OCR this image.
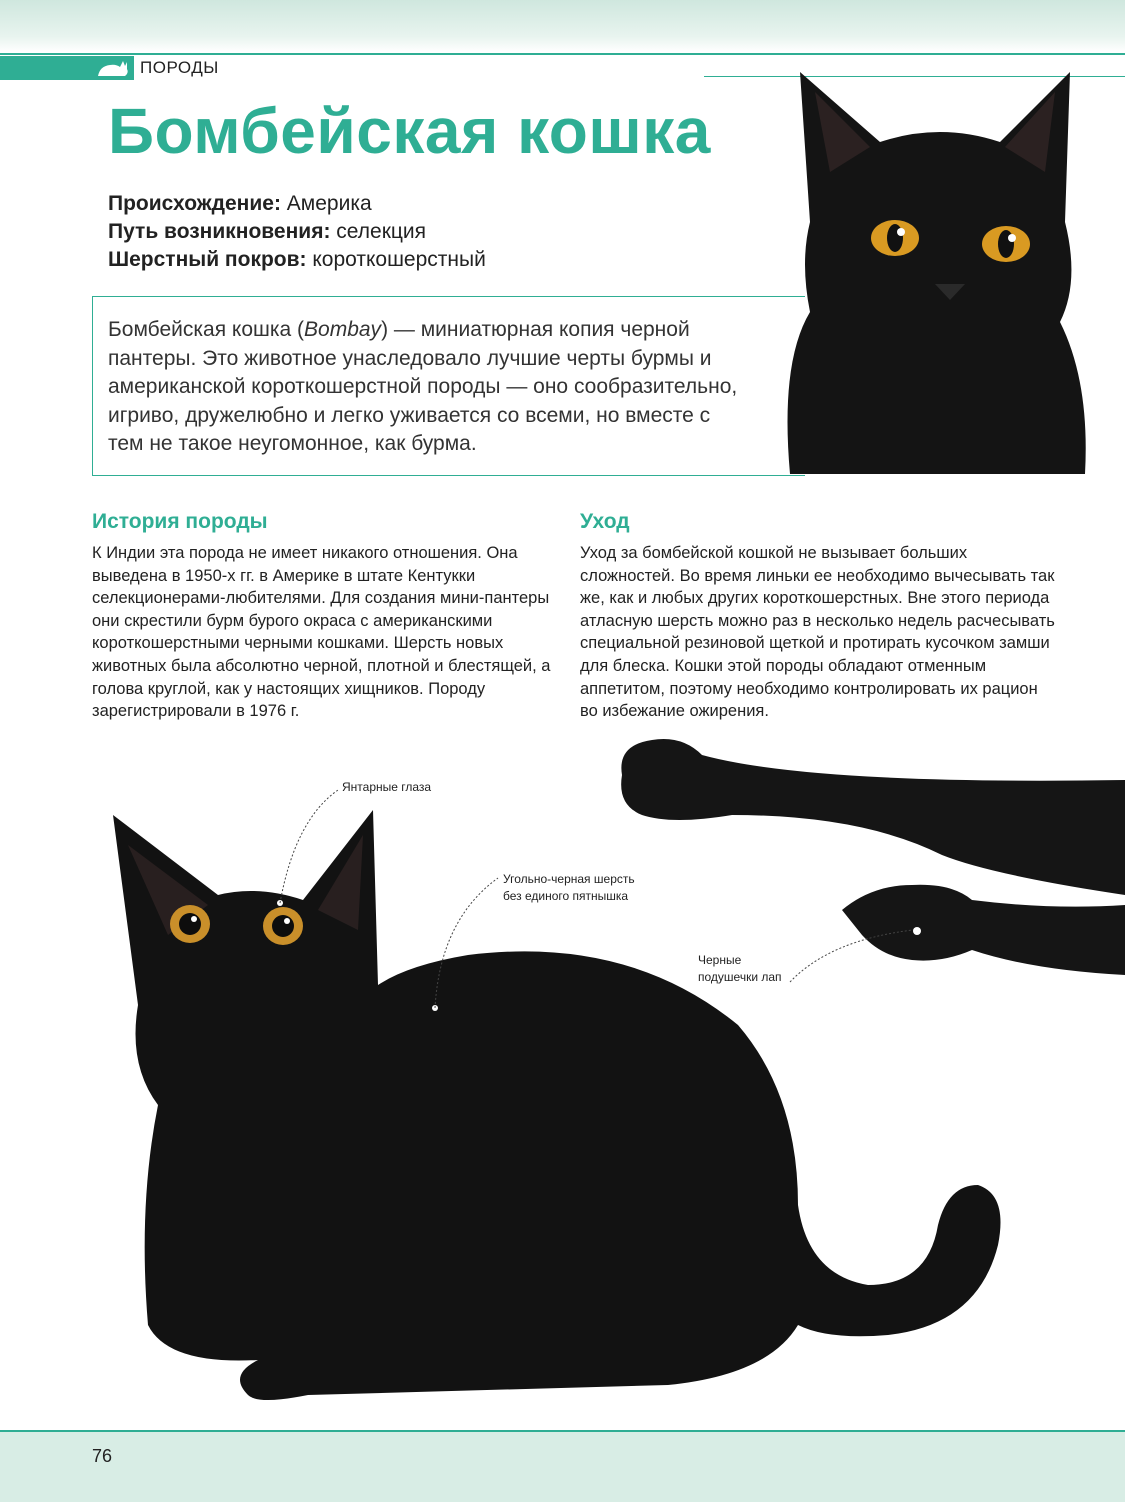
ПОРОДЫ
Бомбейская кошка
Происхождение: Америка
Путь возникновения: селекция
Шерстный покров: короткошерстный
Бомбейская кошка (Bombay) — миниатюрная копия черной пантеры. Это животное унаследовало лучшие черты бурмы и американской короткошерстной породы — оно сообразительно, игриво, дружелюбно и легко уживается со всеми, но вместе с тем не такое неугомонное, как бурма.
История породы
К Индии эта порода не имеет никакого отношения. Она выведена в 1950-х гг. в Америке в штате Кентукки селекционерами-любителями. Для создания мини-пантеры они скрестили бурм бурого окраса с американскими короткошерстными черными кошками. Шерсть новых животных была абсолютно черной, плотной и блестящей, а голова круглой, как у настоящих хищников. Породу зарегистрировали в 1976 г.
Уход
Уход за бомбейской кошкой не вызывает больших сложностей. Во время линьки ее необходимо вычесывать так же, как и любых других короткошерстных. Вне этого периода атласную шерсть можно раз в несколько недель расчесывать специальной резиновой щеткой и протирать кусочком замши для блеска. Кошки этой породы обладают отменным аппетитом, поэтому необходимо контролировать их рацион во избежание ожирения.
Янтарные глаза
Угольно-черная шерсть
без единого пятнышка
Черные
подушечки лап
76
